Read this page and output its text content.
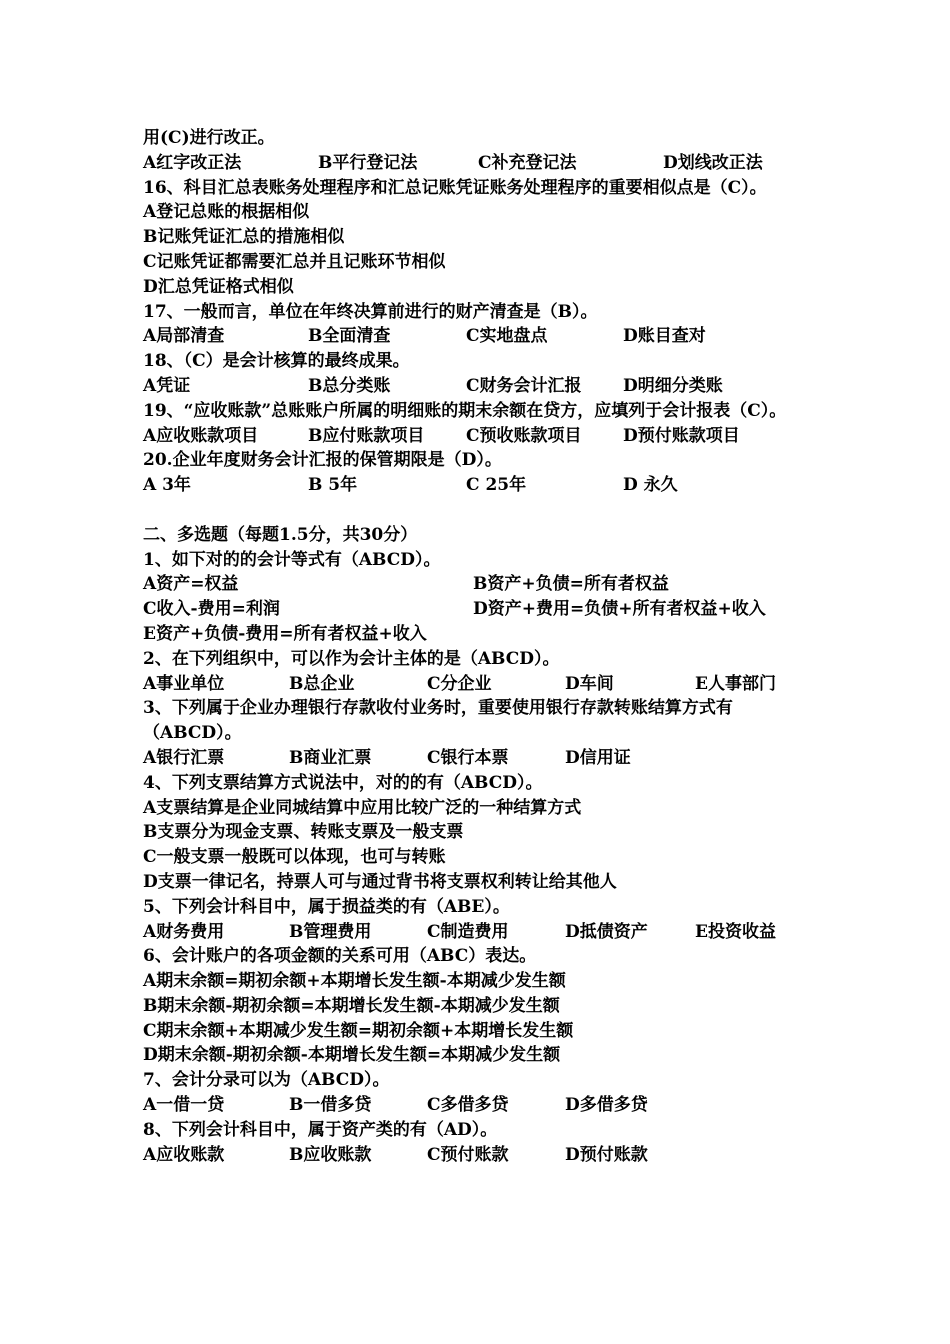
用(C)进行改正。
A红字改正法	B平行登记法	C补充登记法	D划线改正法
16、科目汇总表账务处理程序和汇总记账凭证账务处理程序的重要相似点是（C）。
A登记总账的根据相似
B记账凭证汇总的措施相似
C记账凭证都需要汇总并且记账环节相似
D汇总凭证格式相似
17、一般而言，单位在年终决算前进行的财产清查是（B）。
A局部清查	B全面清查	C实地盘点	D账目查对
18、（C）是会计核算的最终成果。
A凭证	B总分类账	C财务会计汇报	D明细分类账
19、“应收账款”总账账户所属的明细账的期末余额在贷方，应填列于会计报表（C）。
A应收账款项目	B应付账款项目	C预收账款项目	D预付账款项目
20.企业年度财务会计汇报的保管期限是（D）。
A 3年	B 5年	C 25年	D 永久
二、多选题（每题1.5分，共30分）
1、如下对的的会计等式有（ABCD）。
A资产=权益	B资产+负债=所有者权益
C收入-费用=利润	D资产+费用=负债+所有者权益+收入
E资产+负债-费用=所有者权益+收入
2、在下列组织中，可以作为会计主体的是（ABCD）。
A事业单位	B总企业	C分企业	D车间	E人事部门
3、下列属于企业办理银行存款收付业务时，重要使用银行存款转账结算方式有（ABCD）。
A银行汇票	B商业汇票	C银行本票	D信用证
4、下列支票结算方式说法中，对的的有（ABCD）。
A支票结算是企业同城结算中应用比较广泛的一种结算方式
B支票分为现金支票、转账支票及一般支票
C一般支票一般既可以体现，也可与转账
D支票一律记名，持票人可与通过背书将支票权利转让给其他人
5、下列会计科目中，属于损益类的有（ABE）。
A财务费用	B管理费用	C制造费用	D抵债资产	E投资收益
6、会计账户的各项金额的关系可用（ABC）表达。
A期末余额=期初余额+本期增长发生额-本期减少发生额
B期末余额-期初余额=本期增长发生额-本期减少发生额
C期末余额+本期减少发生额=期初余额+本期增长发生额
D期末余额-期初余额-本期增长发生额=本期减少发生额
7、会计分录可以为（ABCD）。
A一借一贷	B一借多贷	C多借多贷	D多借多贷
8、下列会计科目中，属于资产类的有（AD）。
A应收账款	B应收账款	C预付账款	D预付账款
